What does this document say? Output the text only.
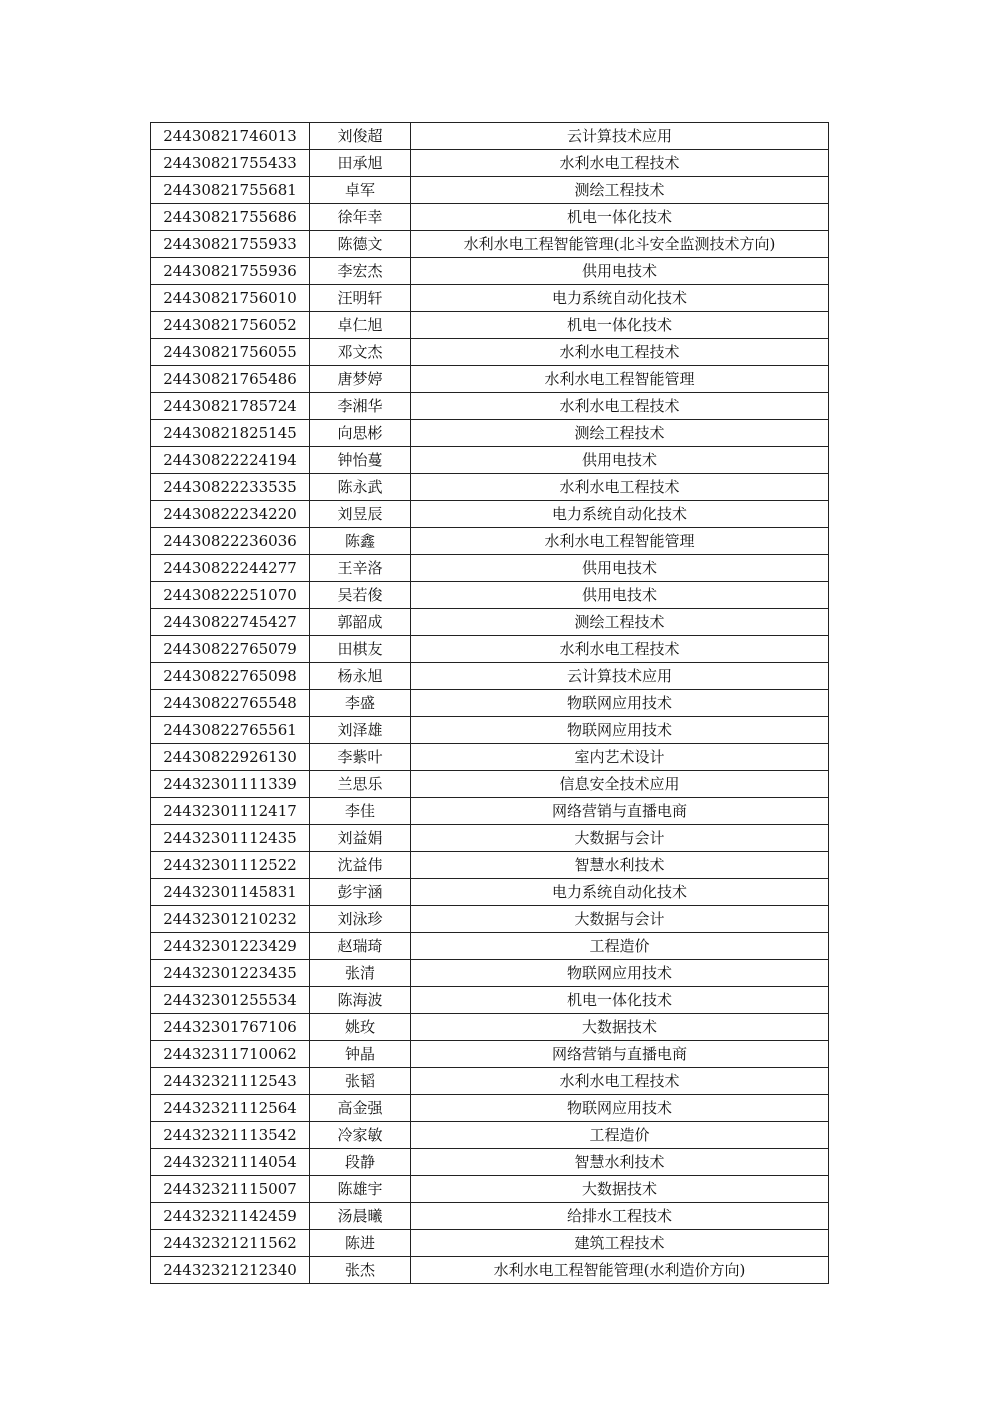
24430821746013	刘俊超	云计算技术应用
24430821755433	田承旭	水利水电工程技术
24430821755681	卓军	测绘工程技术
24430821755686	徐年幸	机电一体化技术
24430821755933	陈德文	水利水电工程智能管理(北斗安全监测技术方向)
24430821755936	李宏杰	供用电技术
24430821756010	汪明轩	电力系统自动化技术
24430821756052	卓仁旭	机电一体化技术
24430821756055	邓文杰	水利水电工程技术
24430821765486	唐梦婷	水利水电工程智能管理
24430821785724	李湘华	水利水电工程技术
24430821825145	向思彬	测绘工程技术
24430822224194	钟怡蔓	供用电技术
24430822233535	陈永武	水利水电工程技术
24430822234220	刘昱辰	电力系统自动化技术
24430822236036	陈鑫	水利水电工程智能管理
24430822244277	王辛洛	供用电技术
24430822251070	吴若俊	供用电技术
24430822745427	郭韶成	测绘工程技术
24430822765079	田棋友	水利水电工程技术
24430822765098	杨永旭	云计算技术应用
24430822765548	李盛	物联网应用技术
24430822765561	刘泽雄	物联网应用技术
24430822926130	李紫叶	室内艺术设计
24432301111339	兰思乐	信息安全技术应用
24432301112417	李佳	网络营销与直播电商
24432301112435	刘益娟	大数据与会计
24432301112522	沈益伟	智慧水利技术
24432301145831	彭宇涵	电力系统自动化技术
24432301210232	刘泳珍	大数据与会计
24432301223429	赵瑞琦	工程造价
24432301223435	张清	物联网应用技术
24432301255534	陈海波	机电一体化技术
24432301767106	姚玫	大数据技术
24432311710062	钟晶	网络营销与直播电商
24432321112543	张韬	水利水电工程技术
24432321112564	高金强	物联网应用技术
24432321113542	冷家敏	工程造价
24432321114054	段静	智慧水利技术
24432321115007	陈雄宇	大数据技术
24432321142459	汤晨曦	给排水工程技术
24432321211562	陈进	建筑工程技术
24432321212340	张杰	水利水电工程智能管理(水利造价方向)
